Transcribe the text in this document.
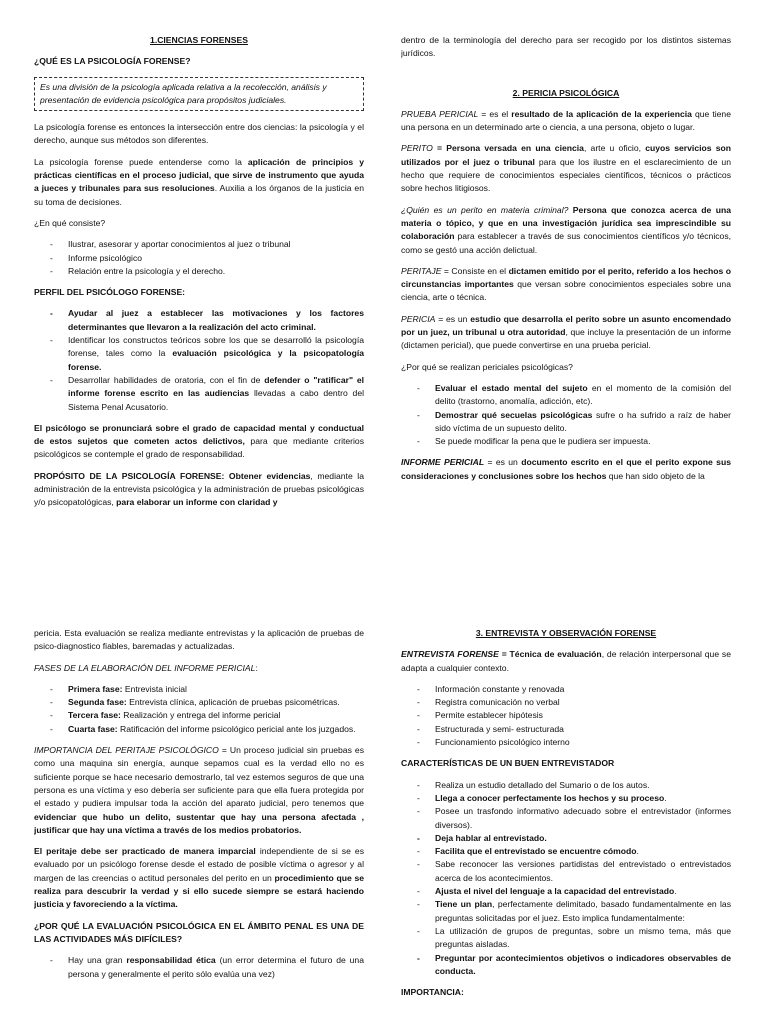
1.CIENCIAS FORENSES

¿QUÉ ES LA PSICOLOGÍA FORENSE?

Es una división de la psicología aplicada relativa a la recolección, análisis y presentación de evidencia psicológica para propósitos judiciales.

La psicología forense es entonces la intersección entre dos ciencias: la psicología y el derecho, aunque sus métodos son diferentes.

La psicología forense puede entenderse como la aplicación de principios y prácticas científicas en el proceso judicial, que sirve de instrumento que ayuda a jueces y tribunales para sus resoluciones. Auxilia a los órganos de la justicia en su toma de decisiones.

¿En qué consiste?

- Ilustrar, asesorar y aportar conocimientos al juez o tribunal
- Informe psicológico
- Relación entre la psicología y el derecho.

PERFIL DEL PSICÓLOGO FORENSE:

- Ayudar al juez a establecer las motivaciones y los factores determinantes que llevaron a la realización del acto criminal.
- Identificar los constructos teóricos sobre los que se desarrolló la psicología forense, tales como la evaluación psicológica y la psicopatología forense.
- Desarrollar habilidades de oratoria, con el fin de defender o "ratificar" el informe forense escrito en las audiencias llevadas a cabo dentro del Sistema Penal Acusatorio.

El psicólogo se pronunciará sobre el grado de capacidad mental y conductual de estos sujetos que cometen actos delictivos, para que mediante criterios psicológicos se contemple el grado de responsabilidad.

PROPÓSITO DE LA PSICOLOGÍA FORENSE: Obtener evidencias, mediante la administración de la entrevista psicológica y la administración de pruebas psicológicas y/o psicopatológicas, para elaborar un informe con claridad y

dentro de la terminología del derecho para ser recogido por los distintos sistemas jurídicos.

2. PERICIA PSICOLÓGICA

PRUEBA PERICIAL = es el resultado de la aplicación de la experiencia que tiene una persona en un determinado arte o ciencia, a una persona, objeto o lugar.

PERITO = Persona versada en una ciencia, arte u oficio, cuyos servicios son utilizados por el juez o tribunal para que los ilustre en el esclarecimiento de un hecho que requiere de conocimientos especiales científicos, técnicos o prácticos sobre hechos litigiosos.

¿Quién es un perito en materia criminal? Persona que conozca acerca de una materia o tópico, y que en una investigación jurídica sea imprescindible su colaboración para establecer a través de sus conocimientos científicos y/o técnicos, como se gestó una acción delictual.

PERITAJE = Consiste en el dictamen emitido por el perito, referido a los hechos o circunstancias importantes que versan sobre conocimientos especiales sobre una ciencia, arte o técnica.

PERICIA = es un estudio que desarrolla el perito sobre un asunto encomendado por un juez, un tribunal u otra autoridad, que incluye la presentación de un informe (dictamen pericial), que puede convertirse en una prueba pericial.

¿Por qué se realizan periciales psicológicas?

- Evaluar el estado mental del sujeto en el momento de la comisión del delito (trastorno, anomalía, adicción, etc).
- Demostrar qué secuelas psicológicas sufre o ha sufrido a raíz de haber sido víctima de un supuesto delito.
- Se puede modificar la pena que le pudiera ser impuesta.

INFORME PERICIAL = es un documento escrito en el que el perito expone sus consideraciones y conclusiones sobre los hechos que han sido objeto de la

pericia. Esta evaluación se realiza mediante entrevistas y la aplicación de pruebas de psico-diagnostico fiables, baremadas y actualizadas.

FASES DE LA ELABORACIÓN DEL INFORME PERICIAL:

- Primera fase: Entrevista inicial
- Segunda fase: Entrevista clínica, aplicación de pruebas psicométricas.
- Tercera fase: Realización y entrega del informe pericial
- Cuarta fase: Ratificación del informe psicológico pericial ante los juzgados.

IMPORTANCIA DEL PERITAJE PSICOLÓGICO = Un proceso judicial sin pruebas es como una maquina sin energía, aunque sepamos cual es la verdad ello no es suficiente porque se hace necesario demostrarlo, tal vez estemos seguros de que una persona es una víctima y eso debería ser suficiente para que ella fuera protegida por el estado y pudiera impulsar toda la acción del aparato judicial, pero tenemos que evidenciar que hubo un delito, sustentar que hay una persona afectada , justificar que hay una víctima a través de los medios probatorios.

El peritaje debe ser practicado de manera imparcial independiente de si se es evaluado por un psicólogo forense desde el estado de posible víctima o agresor y al margen de las creencias o actitud personales del perito en un procedimiento que se realiza para descubrir la verdad y si ello sucede siempre se estará haciendo justicia y favoreciendo a la víctima.

¿POR QUÉ LA EVALUACIÓN PSICOLÓGICA EN EL ÁMBITO PENAL ES UNA DE LAS ACTIVIDADES MÁS DIFÍCILES?

- Hay una gran responsabilidad ética (un error determina el futuro de una persona y generalmente el perito sólo evalúa una vez)
3. ENTREVISTA Y OBSERVACIÓN FORENSE

ENTREVISTA FORENSE = Técnica de evaluación, de relación interpersonal que se adapta a cualquier contexto.

- Información constante y renovada
- Registra comunicación no verbal
- Permite establecer hipótesis
- Estructurada y semi- estructurada
- Funcionamiento psicológico interno

CARACTERÍSTICAS DE UN BUEN ENTREVISTADOR

- Realiza un estudio detallado del Sumario o de los autos.
- Llega a conocer perfectamente los hechos y su proceso.
- Posee un trasfondo informativo adecuado sobre el entrevistador (informes diversos).
- Deja hablar al entrevistado.
- Facilita que el entrevistado se encuentre cómodo.
- Sabe reconocer las versiones partidistas del entrevistado o entrevistados acerca de los acontecimientos.
- Ajusta el nivel del lenguaje a la capacidad del entrevistado.
- Tiene un plan, perfectamente delimitado, basado fundamentalmente en las preguntas solicitadas por el juez. Esto implica fundamentalmente:
- La utilización de grupos de preguntas, sobre un mismo tema, más que preguntas aisladas.
- Preguntar por acontecimientos objetivos o indicadores observables de conducta.

IMPORTANCIA:
